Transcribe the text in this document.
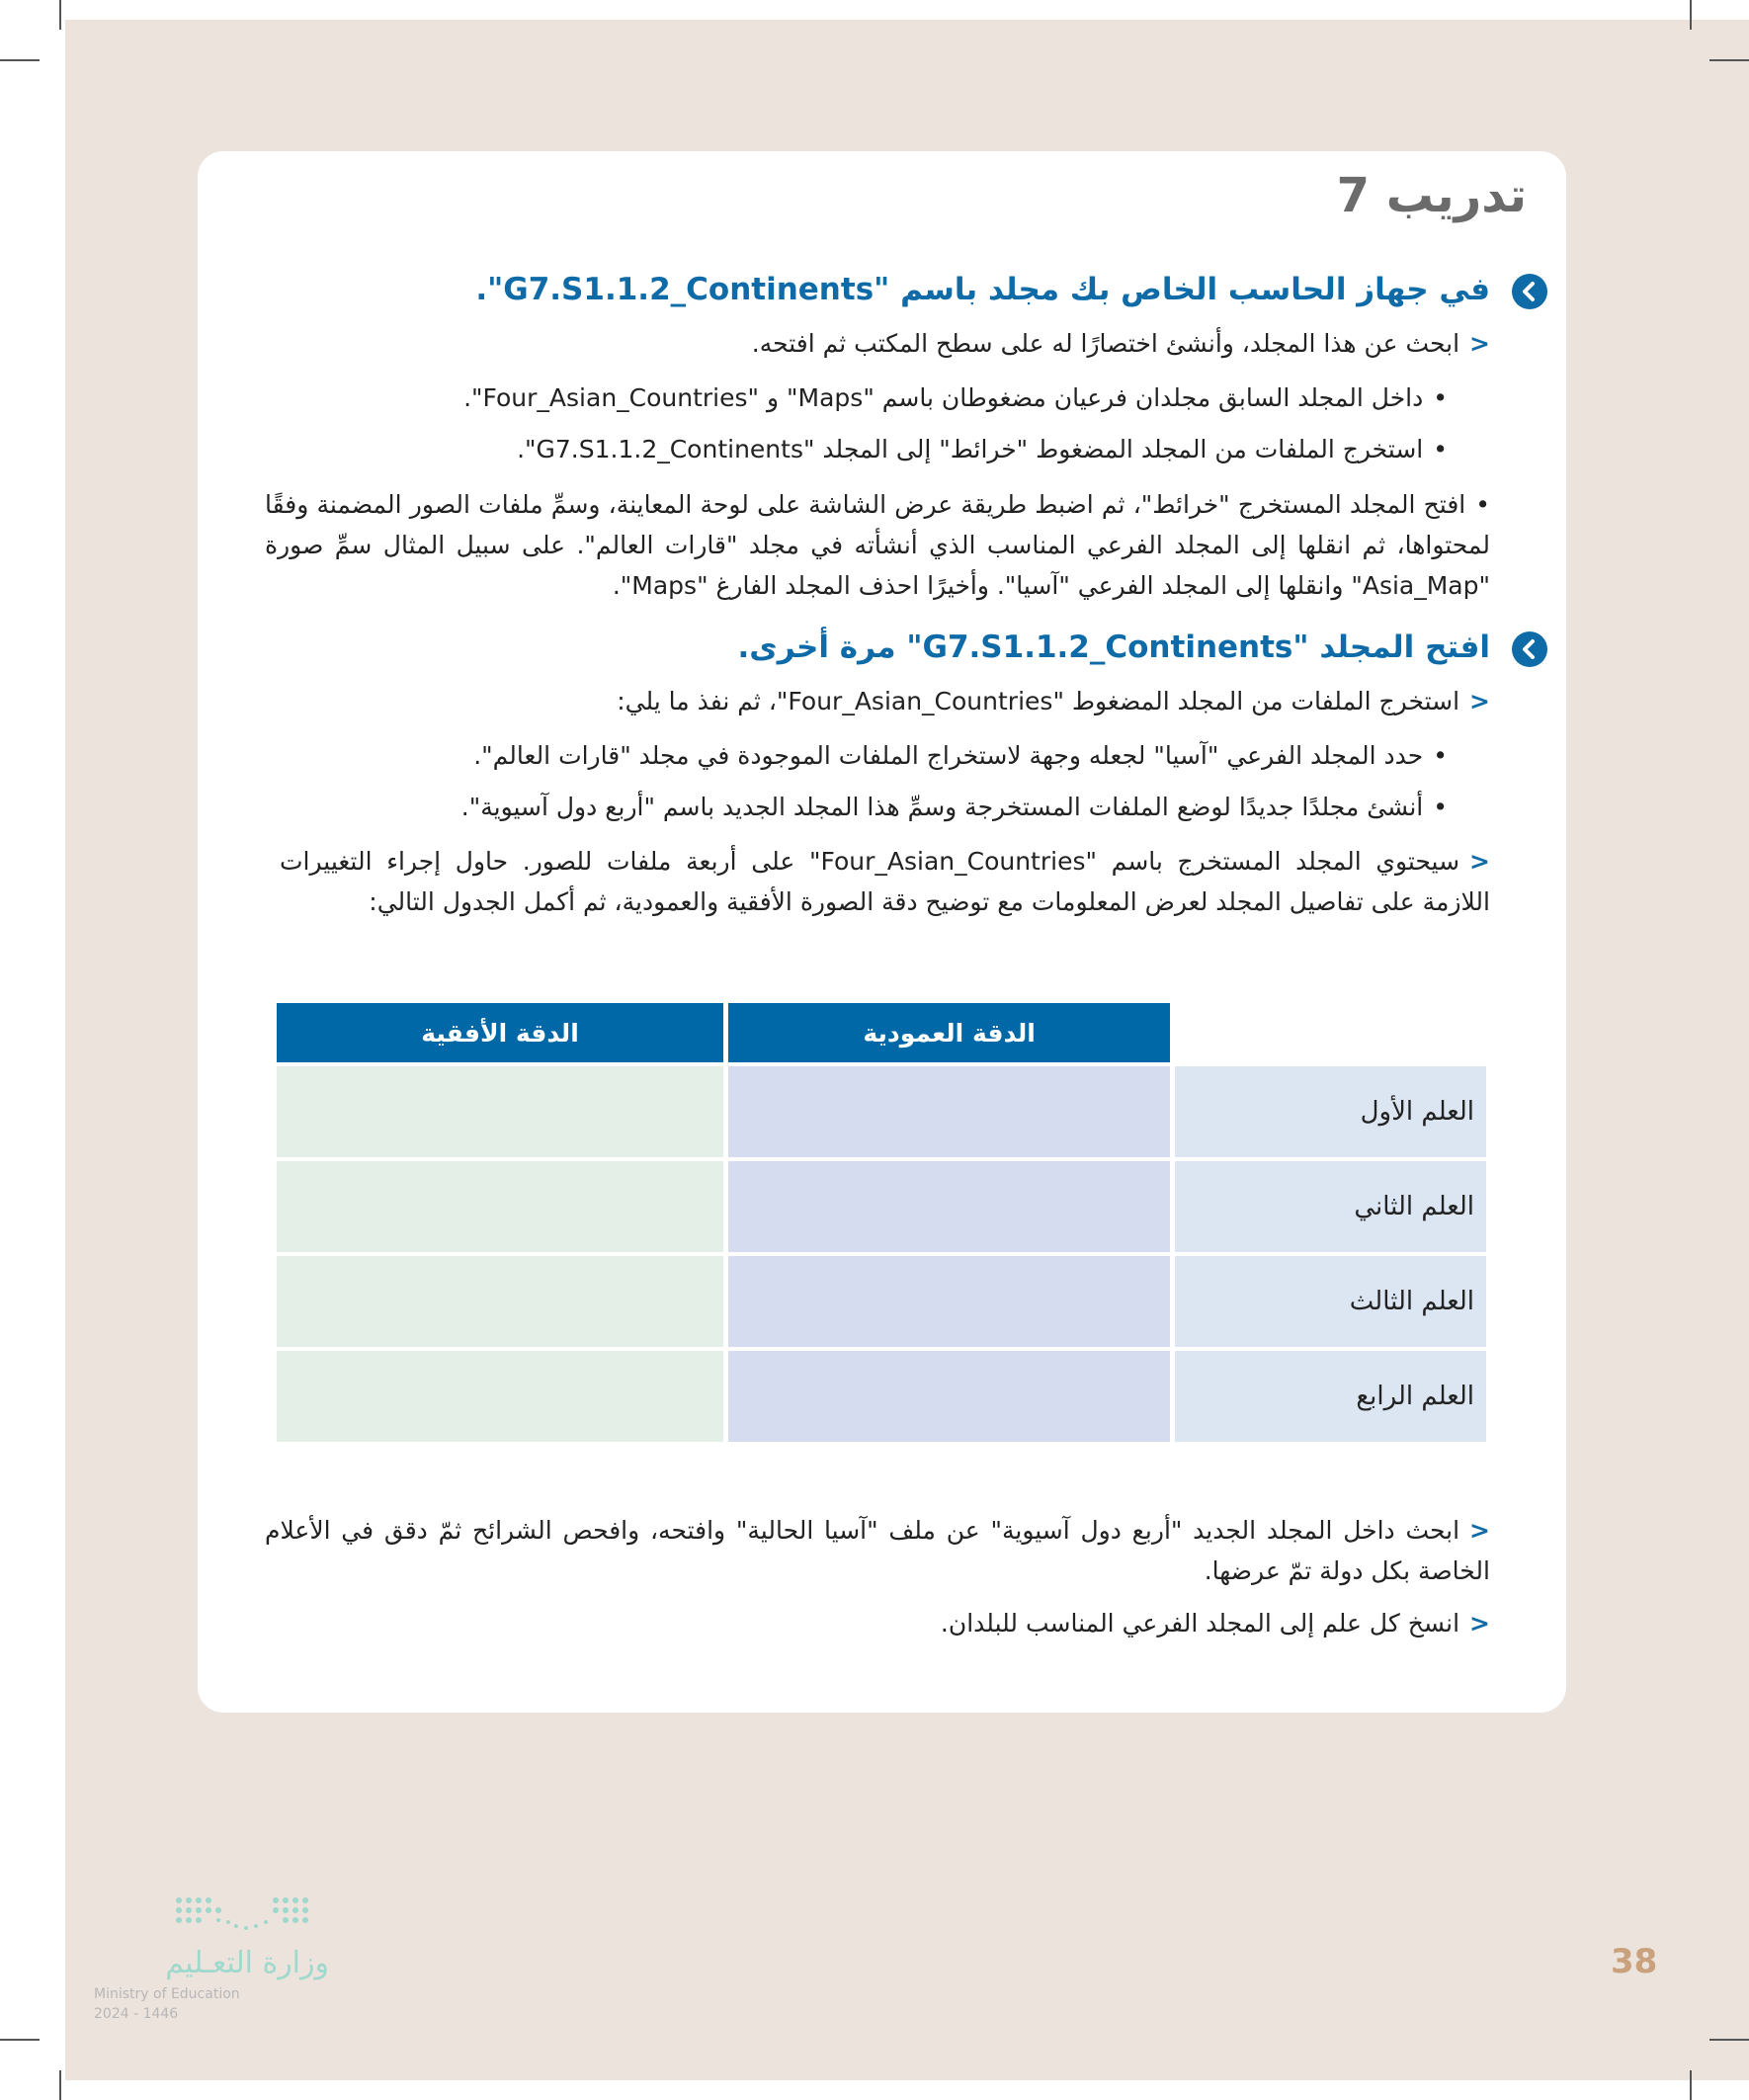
تدريب 7
في جهاز الحاسب الخاص بك مجلد باسم "G7.S1.1.2_Continents".
<ابحث عن هذا المجلد، وأنشئ اختصارًا له على سطح المكتب ثم افتحه.
•داخل المجلد السابق مجلدان فرعيان مضغوطان باسم "Maps" و "Four_Asian_Countries".
•استخرج الملفات من المجلد المضغوط "خرائط" إلى المجلد "G7.S1.1.2_Continents".
•افتح المجلد المستخرج "خرائط"، ثم اضبط طريقة عرض الشاشة على لوحة المعاينة، وسمِّ ملفات الصور المضمنة وفقًا لمحتواها، ثم انقلها إلى المجلد الفرعي المناسب الذي أنشأته في مجلد "قارات العالم". على سبيل المثال سمِّ صورة "Asia_Map" وانقلها إلى المجلد الفرعي "آسيا". وأخيرًا احذف المجلد الفارغ "Maps".
افتح المجلد "G7.S1.1.2_Continents" مرة أخرى.
<استخرج الملفات من المجلد المضغوط "Four_Asian_Countries"، ثم نفذ ما يلي:
•حدد المجلد الفرعي "آسيا" لجعله وجهة لاستخراج الملفات الموجودة في مجلد "قارات العالم".
•أنشئ مجلدًا جديدًا لوضع الملفات المستخرجة وسمِّ هذا المجلد الجديد باسم "أربع دول آسيوية".
<سيحتوي المجلد المستخرج باسم "Four_Asian_Countries" على أربعة ملفات للصور. حاول إجراء التغييرات اللازمة على تفاصيل المجلد لعرض المعلومات مع توضيح دقة الصورة الأفقية والعمودية، ثم أكمل الجدول التالي:
الدقة الأفقية	الدقة العمودية	
		العلم الأول
		العلم الثاني
		العلم الثالث
		العلم الرابع
<ابحث داخل المجلد الجديد "أربع دول آسيوية" عن ملف "آسيا الحالية" وافتحه، وافحص الشرائح ثمّ دقق في الأعلام الخاصة بكل دولة تمّ عرضها.
<انسخ كل علم إلى المجلد الفرعي المناسب للبلدان.
38
وزارة التعـليم
Ministry of Education
2024 - 1446
